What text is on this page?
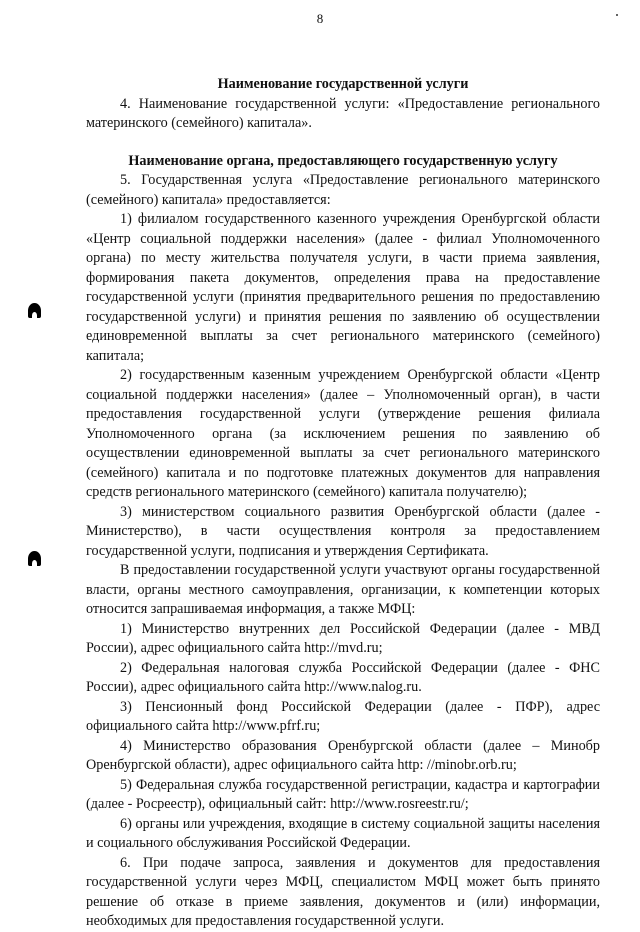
8
Наименование государственной услуги

4. Наименование государственной услуги: «Предоставление регионального материнского (семейного) капитала».

Наименование органа, предоставляющего государственную услугу

5. Государственная услуга «Предоставление регионального материнского (семейного) капитала» предоставляется:

1) филиалом государственного казенного учреждения Оренбургской области «Центр социальной поддержки населения» (далее - филиал Уполномоченного органа) по месту жительства получателя услуги, в части приема заявления, формирования пакета документов, определения права на предоставление государственной услуги (принятия предварительного решения по предоставлению государственной услуги) и принятия решения по заявлению об осуществлении единовременной выплаты за счет регионального материнского (семейного) капитала;

2) государственным казенным учреждением Оренбургской области «Центр социальной поддержки населения» (далее – Уполномоченный орган), в части предоставления государственной услуги (утверждение решения филиала Уполномоченного органа (за исключением решения по заявлению об осуществлении единовременной выплаты за счет регионального материнского (семейного) капитала и по подготовке платежных документов для направления средств регионального материнского (семейного) капитала получателю);

3) министерством социального развития Оренбургской области (далее - Министерство), в части осуществления контроля за предоставлением государственной услуги, подписания и утверждения Сертификата.

В предоставлении государственной услуги участвуют органы государственной власти, органы местного самоуправления, организации, к компетенции которых относится запрашиваемая информация, а также МФЦ:

1) Министерство внутренних дел Российской Федерации (далее - МВД России), адрес официального сайта http://mvd.ru;

2) Федеральная налоговая служба Российской Федерации (далее - ФНС России), адрес официального сайта http://www.nalog.ru.

3) Пенсионный фонд Российской Федерации (далее - ПФР), адрес официального сайта http://www.pfrf.ru;

4) Министерство образования Оренбургской области (далее – Минобр Оренбургской области), адрес официального сайта http: //minobr.orb.ru;

5) Федеральная служба государственной регистрации, кадастра и картографии (далее - Росреестр), официальный сайт: http://www.rosreestr.ru/;

6) органы или учреждения, входящие в систему социальной защиты населения и социального обслуживания Российской Федерации.

6. При подаче запроса, заявления и документов для предоставления государственной услуги через МФЦ, специалистом МФЦ может быть принято решение об отказе в приеме заявления, документов и (или) информации, необходимых для предоставления государственной услуги.
